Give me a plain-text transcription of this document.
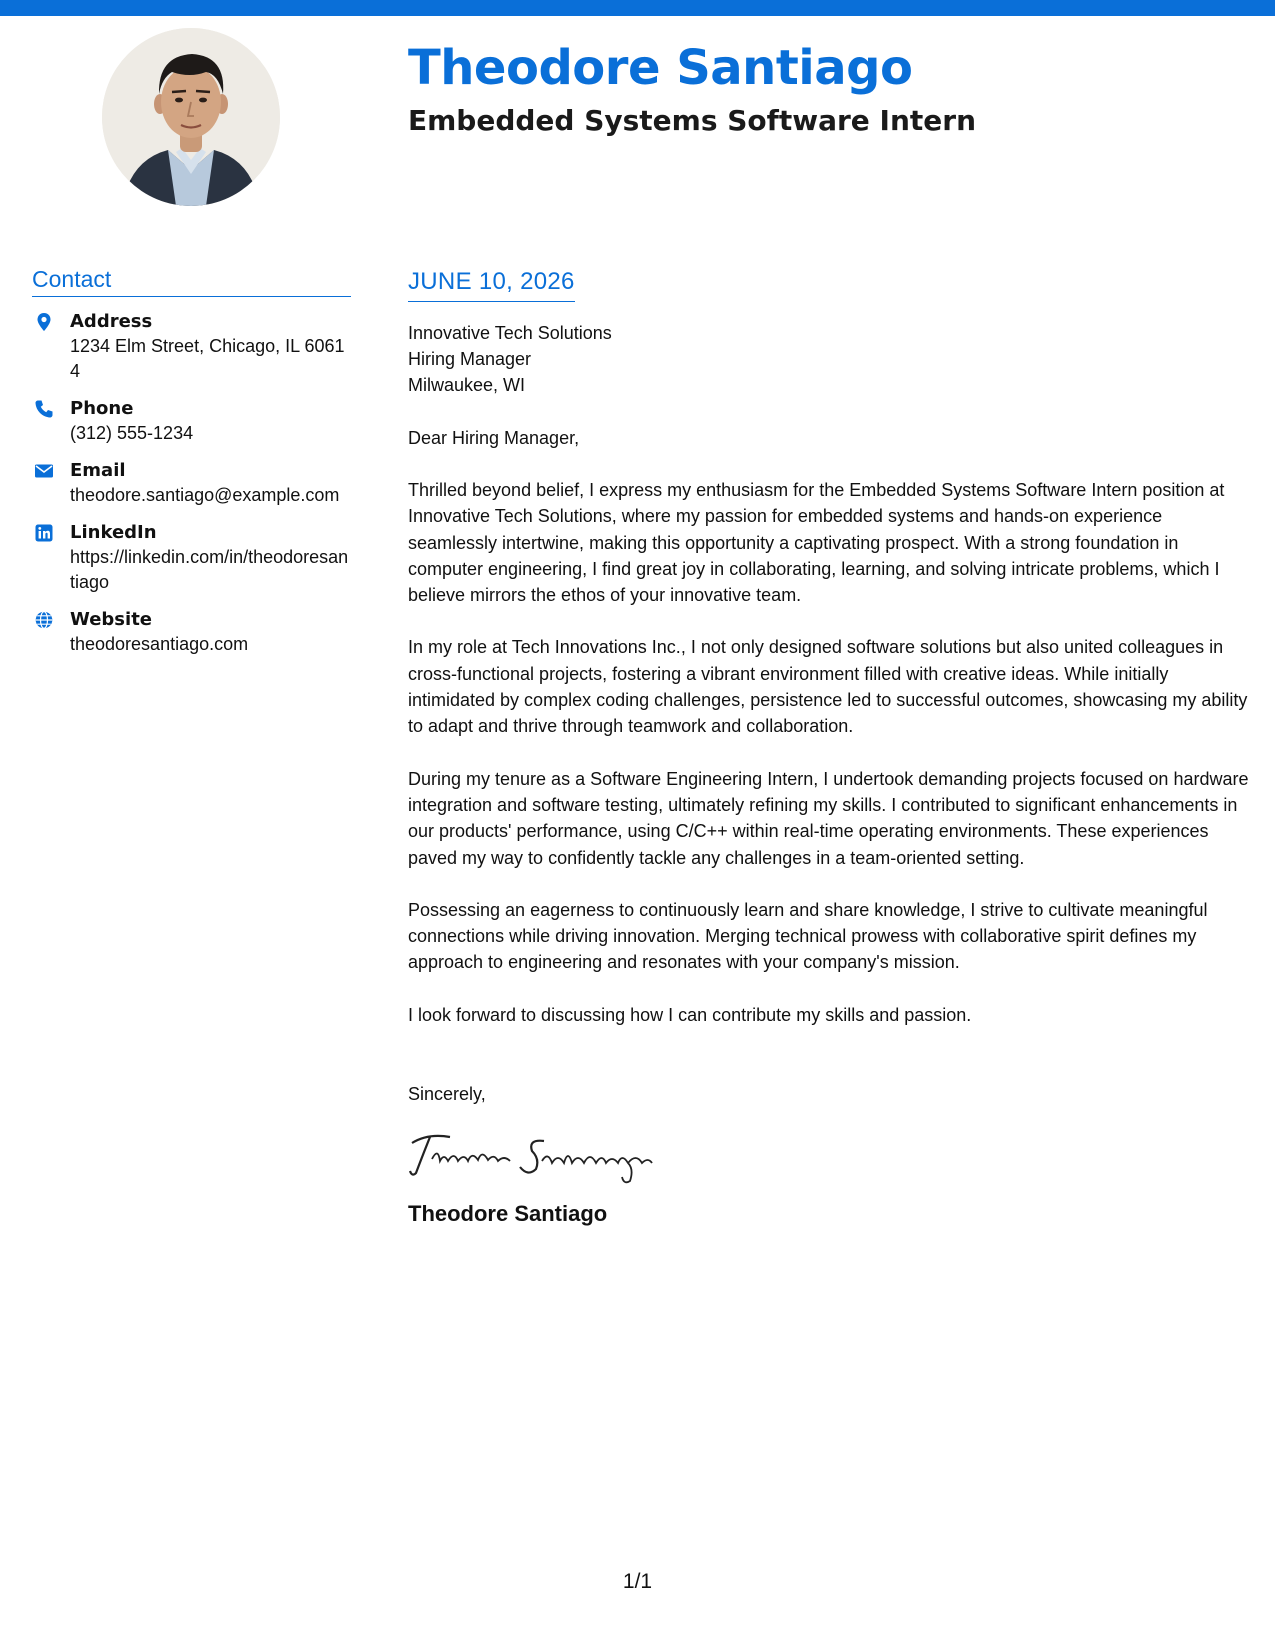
Theodore Santiago
Embedded Systems Software Intern
Contact
Address
1234 Elm Street, Chicago, IL 60614
Phone
(312) 555-1234
Email
theodore.santiago@example.com
LinkedIn
https://linkedin.com/in/theodoresantiago
Website
theodoresantiago.com
JUNE 10, 2026
Innovative Tech Solutions
Hiring Manager
Milwaukee, WI
Dear Hiring Manager,

Thrilled beyond belief, I express my enthusiasm for the Embedded Systems Software Intern position at Innovative Tech Solutions, where my passion for embedded systems and hands-on experience seamlessly intertwine, making this opportunity a captivating prospect. With a strong foundation in computer engineering, I find great joy in collaborating, learning, and solving intricate problems, which I believe mirrors the ethos of your innovative team.

In my role at Tech Innovations Inc., I not only designed software solutions but also united colleagues in cross-functional projects, fostering a vibrant environment filled with creative ideas. While initially intimidated by complex coding challenges, persistence led to successful outcomes, showcasing my ability to adapt and thrive through teamwork and collaboration.

During my tenure as a Software Engineering Intern, I undertook demanding projects focused on hardware integration and software testing, ultimately refining my skills. I contributed to significant enhancements in our products' performance, using C/C++ within real-time operating environments. These experiences paved my way to confidently tackle any challenges in a team-oriented setting.

Possessing an eagerness to continuously learn and share knowledge, I strive to cultivate meaningful connections while driving innovation. Merging technical prowess with collaborative spirit defines my approach to engineering and resonates with your company's mission.

I look forward to discussing how I can contribute my skills and passion.

Sincerely,
Theodore Santiago
1/1
